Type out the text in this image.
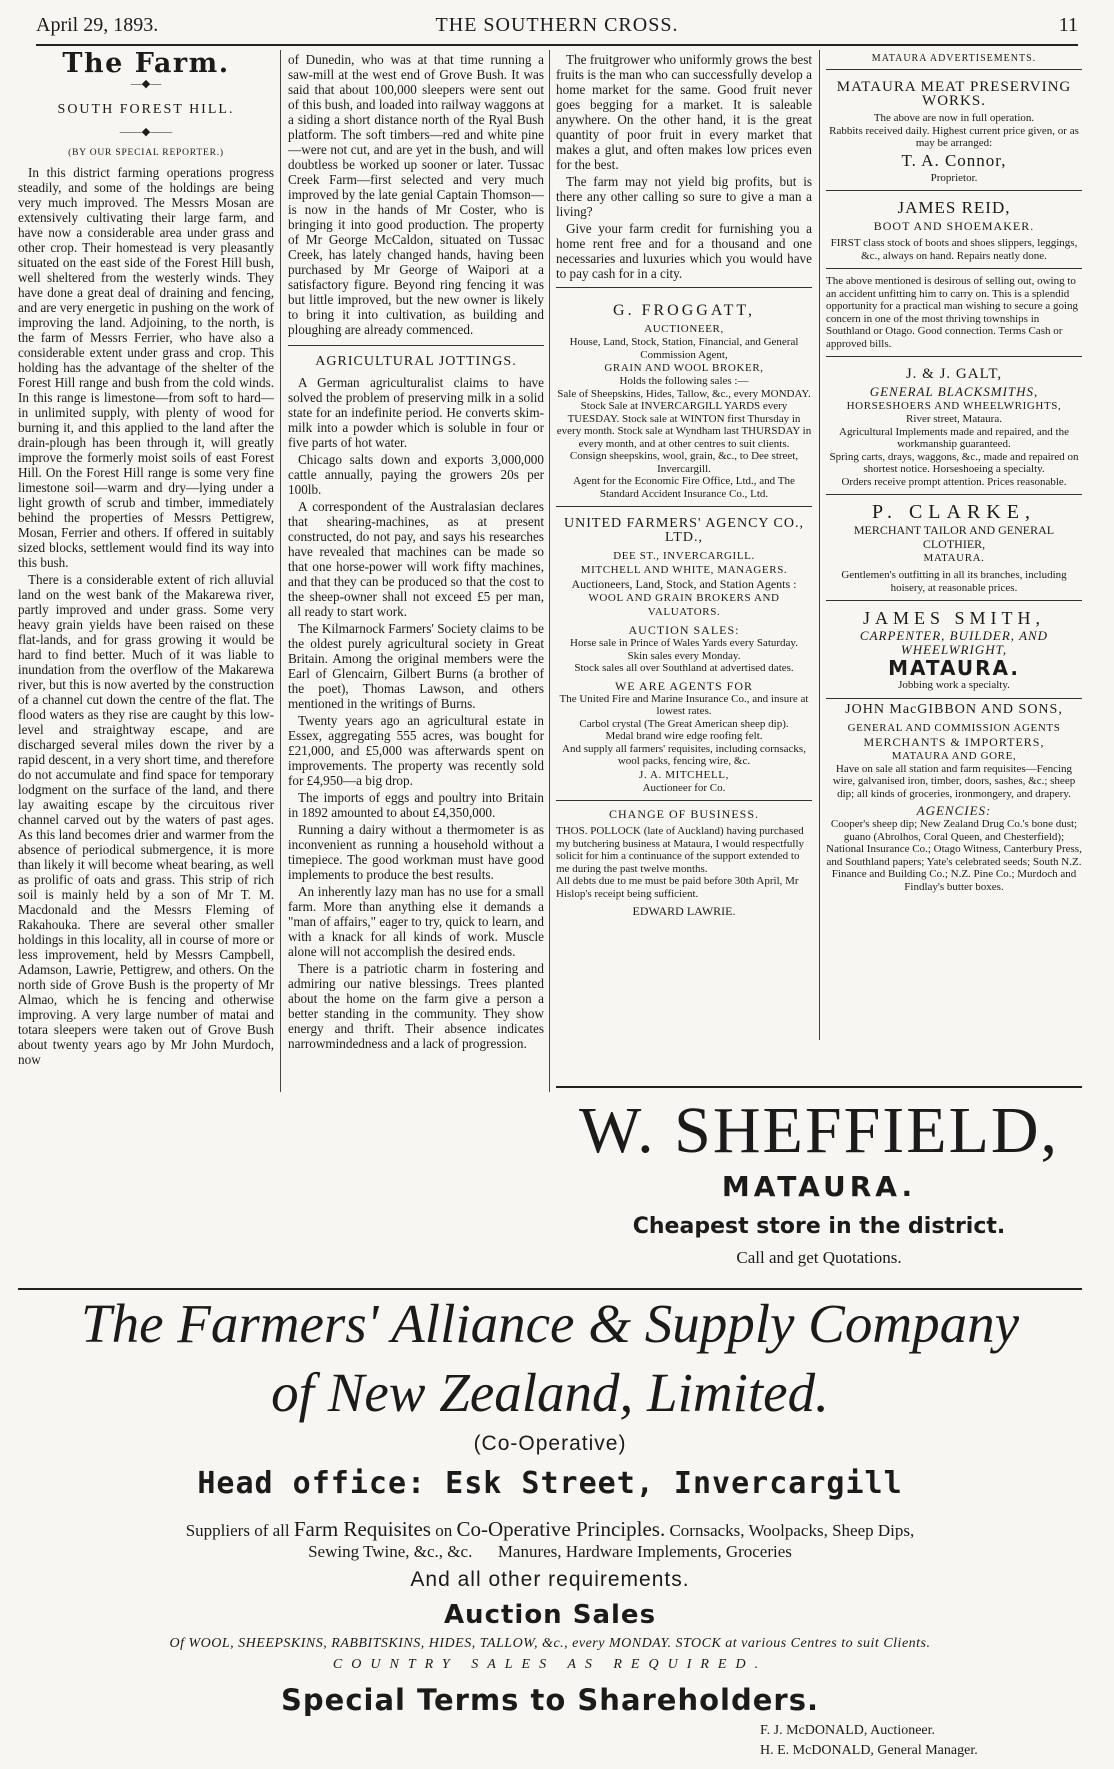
April 29, 1893.	THE SOUTHERN CROSS.	11
The Farm.
—◆—
SOUTH FOREST HILL.
——◆——
(BY OUR SPECIAL REPORTER.)

In this district farming operations progress steadily, and some of the holdings are being very much improved. The Messrs Mosan are extensively cultivating their large farm, and have now a considerable area under grass and other crop. Their homestead is very pleasantly situated on the east side of the Forest Hill bush, well sheltered from the westerly winds. They have done a great deal of draining and fencing, and are very energetic in pushing on the work of improving the land. Adjoining, to the north, is the farm of Messrs Ferrier, who have also a considerable extent under grass and crop. This holding has the advantage of the shelter of the Forest Hill range and bush from the cold winds. In this range is limestone—from soft to hard—in unlimited supply, with plenty of wood for burning it, and this applied to the land after the drain-plough has been through it, will greatly improve the formerly moist soils of east Forest Hill. On the Forest Hill range is some very fine limestone soil—warm and dry—lying under a light growth of scrub and timber, immediately behind the properties of Messrs Pettigrew, Mosan, Ferrier and others. If offered in suitably sized blocks, settlement would find its way into this bush.

There is a considerable extent of rich alluvial land on the west bank of the Makarewa river, partly improved and under grass. Some very heavy grain yields have been raised on these flat-lands, and for grass growing it would be hard to find better. Much of it was liable to inundation from the overflow of the Makarewa river, but this is now averted by the construction of a channel cut down the centre of the flat. The flood waters as they rise are caught by this low-level and straightway escape, and are discharged several miles down the river by a rapid descent, in a very short time, and therefore do not accumulate and find space for temporary lodgment on the surface of the land, and there lay awaiting escape by the circuitous river channel carved out by the waters of past ages. As this land becomes drier and warmer from the absence of periodical submergence, it is more than likely it will become wheat bearing, as well as prolific of oats and grass. This strip of rich soil is mainly held by a son of Mr T. M. Macdonald and the Messrs Fleming of Rakahouka. There are several other smaller holdings in this locality, all in course of more or less improvement, held by Messrs Campbell, Adamson, Lawrie, Pettigrew, and others. On the north side of Grove Bush is the property of Mr Almao, which he is fencing and otherwise improving. A very large number of matai and totara sleepers were taken out of Grove Bush about twenty years ago by Mr John Murdoch, now

of Dunedin, who was at that time running a saw-mill at the west end of Grove Bush. It was said that about 100,000 sleepers were sent out of this bush, and loaded into railway waggons at a siding a short distance north of the Ryal Bush platform. The soft timbers—red and white pine—were not cut, and are yet in the bush, and will doubtless be worked up sooner or later. Tussac Creek Farm—first selected and very much improved by the late genial Captain Thomson—is now in the hands of Mr Coster, who is bringing it into good production. The property of Mr George McCaldon, situated on Tussac Creek, has lately changed hands, having been purchased by Mr George of Waipori at a satisfactory figure. Beyond ring fencing it was but little improved, but the new owner is likely to bring it into cultivation, as building and ploughing are already commenced.

AGRICULTURAL JOTTINGS.

A German agriculturalist claims to have solved the problem of preserving milk in a solid state for an indefinite period. He converts skim-milk into a powder which is soluble in four or five parts of hot water.

Chicago salts down and exports 3,000,000 cattle annually, paying the growers 20s per 100lb.

A correspondent of the Australasian declares that shearing-machines, as at present constructed, do not pay, and says his researches have revealed that machines can be made so that one horse-power will work fifty machines, and that they can be produced so that the cost to the sheep-owner shall not exceed £5 per man, all ready to start work.

The Kilmarnock Farmers' Society claims to be the oldest purely agricultural society in Great Britain. Among the original members were the Earl of Glencairn, Gilbert Burns (a brother of the poet), Thomas Lawson, and others mentioned in the writings of Burns.

Twenty years ago an agricultural estate in Essex, aggregating 555 acres, was bought for £21,000, and £5,000 was afterwards spent on improvements. The property was recently sold for £4,950—a big drop.

The imports of eggs and poultry into Britain in 1892 amounted to about £4,350,000.

Running a dairy without a thermometer is as inconvenient as running a household without a timepiece. The good workman must have good implements to produce the best results.

An inherently lazy man has no use for a small farm. More than anything else it demands a "man of affairs," eager to try, quick to learn, and with a knack for all kinds of work. Muscle alone will not accomplish the desired ends.

There is a patriotic charm in fostering and admiring our native blessings. Trees planted about the home on the farm give a person a better standing in the community. They show energy and thrift. Their absence indicates narrowmindedness and a lack of progression.

The fruitgrower who uniformly grows the best fruits is the man who can successfully develop a home market for the same. Good fruit never goes begging for a market. It is saleable anywhere. On the other hand, it is the great quantity of poor fruit in every market that makes a glut, and often makes low prices even for the best.

The farm may not yield big profits, but is there any other calling so sure to give a man a living?

Give your farm credit for furnishing you a home rent free and for a thousand and one necessaries and luxuries which you would have to pay cash for in a city.

G. FROGGATT,
AUCTIONEER,
House, Land, Stock, Station, Financial, and General Commission Agent,
GRAIN AND WOOL BROKER,
Holds the following sales :—
Sale of Sheepskins, Hides, Tallow, &c., every MONDAY. Stock Sale at INVERCARGILL YARDS every TUESDAY. Stock sale at WINTON first Thursday in every month. Stock sale at Wyndham last THURSDAY in every month, and at other centres to suit clients.
Consign sheepskins, wool, grain, &c., to Dee street, Invercargill.
Agent for the Economic Fire Office, Ltd., and The Standard Accident Insurance Co., Ltd.
UNITED FARMERS' AGENCY CO., LTD.,
DEE ST., INVERCARGILL.
MITCHELL AND WHITE, MANAGERS.
Auctioneers, Land, Stock, and Station Agents :
WOOL AND GRAIN BROKERS AND VALUATORS.
AUCTION SALES:
Horse sale in Prince of Wales Yards every Saturday.
Skin sales every Monday.
Stock sales all over Southland at advertised dates.
WE ARE AGENTS FOR
The United Fire and Marine Insurance Co., and insure at lowest rates.
Carbol crystal (The Great American sheep dip).
Medal brand wire edge roofing felt.
And supply all farmers' requisites, including cornsacks, wool packs, fencing wire, &c.
J. A. MITCHELL,
Auctioneer for Co.
CHANGE OF BUSINESS.
THOS. POLLOCK (late of Auckland) having purchased my butchering business at Mataura, I would respectfully solicit for him a continuance of the support extended to me during the past twelve months.
All debts due to me must be paid before 30th April, Mr Hislop's receipt being sufficient.
EDWARD LAWRIE.
MATAURA ADVERTISEMENTS.
MATAURA MEAT PRESERVING WORKS.
The above are now in full operation.
Rabbits received daily. Highest current price given, or as may be arranged:
T. A. Connor,
Proprietor.
JAMES REID,
BOOT AND SHOEMAKER.
FIRST class stock of boots and shoes slippers, leggings, &c., always on hand. Repairs neatly done.
The above mentioned is desirous of selling out, owing to an accident unfitting him to carry on. This is a splendid opportunity for a practical man wishing to secure a going concern in one of the most thriving townships in Southland or Otago. Good connection. Terms Cash or approved bills.
J. & J. GALT,
GENERAL BLACKSMITHS,
HORSESHOERS AND WHEELWRIGHTS,
River street, Mataura.
Agricultural Implements made and repaired, and the workmanship guaranteed.
Spring carts, drays, waggons, &c., made and repaired on shortest notice. Horseshoeing a specialty.
Orders receive prompt attention. Prices reasonable.
P. CLARKE,
MERCHANT TAILOR AND GENERAL CLOTHIER,
MATAURA.
Gentlemen's outfitting in all its branches, including hoisery, at reasonable prices.
JAMES SMITH,
CARPENTER, BUILDER, AND WHEELWRIGHT,
MATAURA.
Jobbing work a specialty.
JOHN MacGIBBON AND SONS,
GENERAL AND COMMISSION AGENTS
MERCHANTS & IMPORTERS,
MATAURA AND GORE,
Have on sale all station and farm requisites—Fencing wire, galvanised iron, timber, doors, sashes, &c.; sheep dip; all kinds of groceries, ironmongery, and drapery.
AGENCIES:
Cooper's sheep dip; New Zealand Drug Co.'s bone dust; guano (Abrolhos, Coral Queen, and Chesterfield); National Insurance Co.; Otago Witness, Canterbury Press, and Southland papers; Yate's celebrated seeds; South N.Z. Finance and Building Co.; N.Z. Pine Co.; Murdoch and Findlay's butter boxes.
W. SHEFFIELD,
MATAURA.
Cheapest store in the district.
Call and get Quotations.
The Farmers' Alliance & Supply Company
of New Zealand, Limited.
(Co-Operative)
Head office: Esk Street, Invercargill
Suppliers of all Farm Requisites on Co-Operative Principles. Cornsacks, Woolpacks, Sheep Dips,
Sewing Twine, &c., &c.      Manures, Hardware Implements, Groceries
And all other requirements.
Auction Sales
Of WOOL, SHEEPSKINS, RABBITSKINS, HIDES, TALLOW, &c., every MONDAY. STOCK at various Centres to suit Clients.
COUNTRY SALES AS REQUIRED.
Special Terms to Shareholders.
F. J. McDONALD, Auctioneer.
H. E. McDONALD, General Manager.
